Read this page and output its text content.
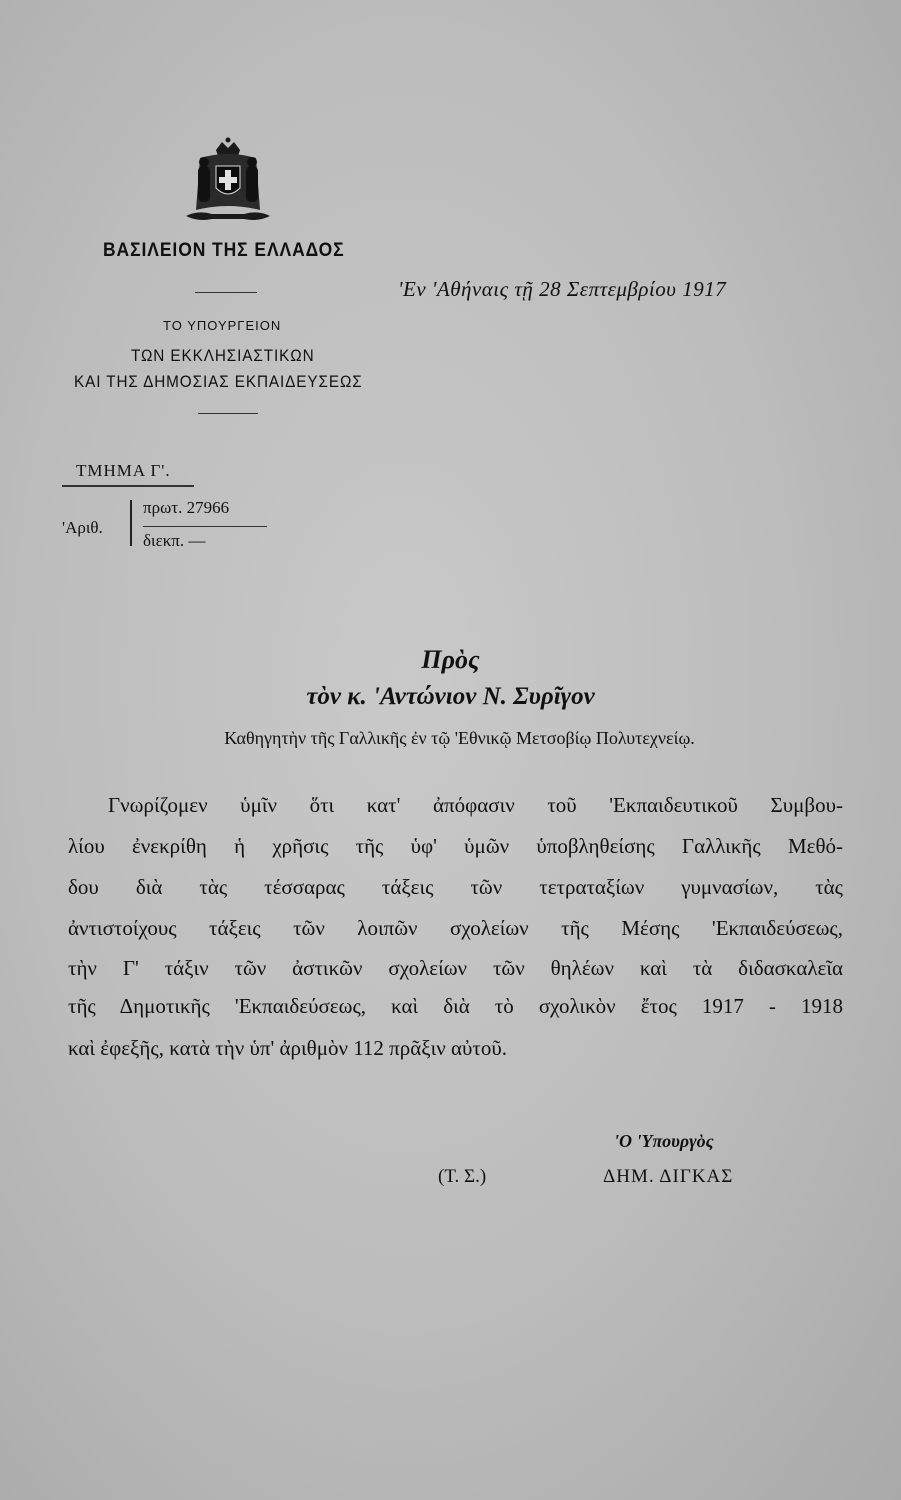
ΒΑΣΙΛΕΙΟΝ ΤΗΣ ΕΛΛΑΔΟΣ
ΤΟ ΥΠΟΥΡΓΕΙΟΝ
ΤΩΝ ΕΚΚΛΗΣΙΑΣΤΙΚΩΝ
ΚΑΙ ΤΗΣ ΔΗΜΟΣΙΑΣ ΕΚΠΑΙΔΕΥΣΕΩΣ
'Εν 'Αθήναις τῇ 28 Σεπτεμβρίου 1917
ΤΜΗΜΑ Γ'.
'Αριθ.
πρωτ. 27966
διεκπ. —
Πρὸς
τὸν κ. 'Αντώνιον Ν. Συρῖγον
Καθηγητὴν τῆς Γαλλικῆς ἐν τῷ 'Εθνικῷ Μετσοβίῳ Πολυτεχνείῳ.
Γνωρίζομεν ὑμῖν ὅτι κατ' ἀπόφασιν τοῦ 'Εκπαιδευτικοῦ Συμβου-
λίου ἐνεκρίθη ἡ χρῆσις τῆς ὑφ' ὑμῶν ὑποβληθείσης Γαλλικῆς Μεθό-
δου διὰ τὰς τέσσαρας τάξεις τῶν τετραταξίων γυμνασίων, τὰς
ἀντιστοίχους τάξεις τῶν λοιπῶν σχολείων τῆς Μέσης 'Εκπαιδεύσεως,
τὴν Γ' τάξιν τῶν ἀστικῶν σχολείων τῶν θηλέων καὶ τὰ διδασκαλεῖα
τῆς Δημοτικῆς 'Εκπαιδεύσεως, καὶ διὰ τὸ σχολικὸν ἔτος 1917 - 1918
καὶ ἐφεξῆς, κατὰ τὴν ὑπ' ἀριθμὸν 112 πρᾶξιν αὐτοῦ.
'Ο 'Υπουργὸς
(Τ. Σ.)	ΔΗΜ. ΔΙΓΚΑΣ
